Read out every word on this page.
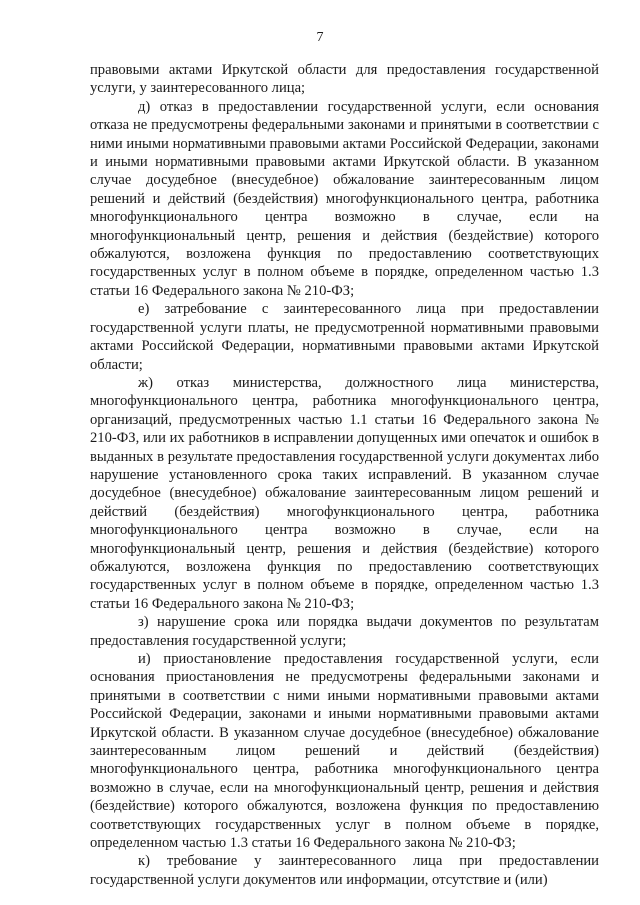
7

правовыми актами Иркутской области для предоставления государственной услуги, у заинтересованного лица;

д) отказ в предоставлении государственной услуги, если основания отказа не предусмотрены федеральными законами и принятыми в соответствии с ними иными нормативными правовыми актами Российской Федерации, законами и иными нормативными правовыми актами Иркутской области. В указанном случае досудебное (внесудебное) обжалование заинтересованным лицом решений и действий (бездействия) многофункционального центра, работника многофункционального центра возможно в случае, если на многофункциональный центр, решения и действия (бездействие) которого обжалуются, возложена функция по предоставлению соответствующих государственных услуг в полном объеме в порядке, определенном частью 1.3 статьи 16 Федерального закона № 210-ФЗ;

е) затребование с заинтересованного лица при предоставлении государственной услуги платы, не предусмотренной нормативными правовыми актами Российской Федерации, нормативными правовыми актами Иркутской области;

ж) отказ министерства, должностного лица министерства, многофункционального центра, работника многофункционального центра, организаций, предусмотренных частью 1.1 статьи 16 Федерального закона № 210-ФЗ, или их работников в исправлении допущенных ими опечаток и ошибок в выданных в результате предоставления государственной услуги документах либо нарушение установленного срока таких исправлений. В указанном случае досудебное (внесудебное) обжалование заинтересованным лицом решений и действий (бездействия) многофункционального центра, работника многофункционального центра возможно в случае, если на многофункциональный центр, решения и действия (бездействие) которого обжалуются, возложена функция по предоставлению соответствующих государственных услуг в полном объеме в порядке, определенном частью 1.3 статьи 16 Федерального закона № 210-ФЗ;

з) нарушение срока или порядка выдачи документов по результатам предоставления государственной услуги;

и) приостановление предоставления государственной услуги, если основания приостановления не предусмотрены федеральными законами и принятыми в соответствии с ними иными нормативными правовыми актами Российской Федерации, законами и иными нормативными правовыми актами Иркутской области. В указанном случае досудебное (внесудебное) обжалование заинтересованным лицом решений и действий (бездействия) многофункционального центра, работника многофункционального центра возможно в случае, если на многофункциональный центр, решения и действия (бездействие) которого обжалуются, возложена функция по предоставлению соответствующих государственных услуг в полном объеме в порядке, определенном частью 1.3 статьи 16 Федерального закона № 210-ФЗ;

к) требование у заинтересованного лица при предоставлении государственной услуги документов или информации, отсутствие и (или)
